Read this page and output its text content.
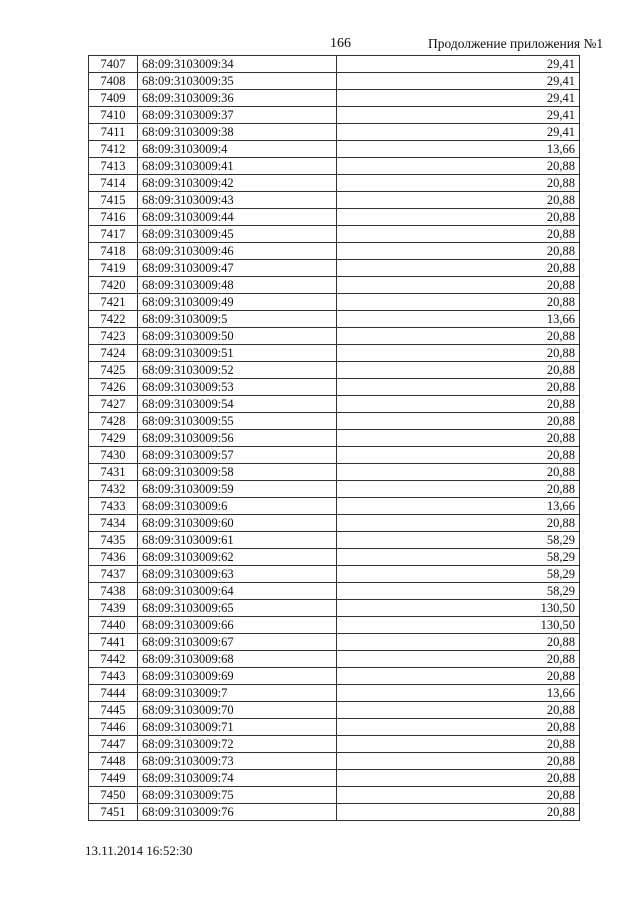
166	Продолжение приложения №1
7407	68:09:3103009:34	29,41
7408	68:09:3103009:35	29,41
7409	68:09:3103009:36	29,41
7410	68:09:3103009:37	29,41
7411	68:09:3103009:38	29,41
7412	68:09:3103009:4	13,66
7413	68:09:3103009:41	20,88
7414	68:09:3103009:42	20,88
7415	68:09:3103009:43	20,88
7416	68:09:3103009:44	20,88
7417	68:09:3103009:45	20,88
7418	68:09:3103009:46	20,88
7419	68:09:3103009:47	20,88
7420	68:09:3103009:48	20,88
7421	68:09:3103009:49	20,88
7422	68:09:3103009:5	13,66
7423	68:09:3103009:50	20,88
7424	68:09:3103009:51	20,88
7425	68:09:3103009:52	20,88
7426	68:09:3103009:53	20,88
7427	68:09:3103009:54	20,88
7428	68:09:3103009:55	20,88
7429	68:09:3103009:56	20,88
7430	68:09:3103009:57	20,88
7431	68:09:3103009:58	20,88
7432	68:09:3103009:59	20,88
7433	68:09:3103009:6	13,66
7434	68:09:3103009:60	20,88
7435	68:09:3103009:61	58,29
7436	68:09:3103009:62	58,29
7437	68:09:3103009:63	58,29
7438	68:09:3103009:64	58,29
7439	68:09:3103009:65	130,50
7440	68:09:3103009:66	130,50
7441	68:09:3103009:67	20,88
7442	68:09:3103009:68	20,88
7443	68:09:3103009:69	20,88
7444	68:09:3103009:7	13,66
7445	68:09:3103009:70	20,88
7446	68:09:3103009:71	20,88
7447	68:09:3103009:72	20,88
7448	68:09:3103009:73	20,88
7449	68:09:3103009:74	20,88
7450	68:09:3103009:75	20,88
7451	68:09:3103009:76	20,88
13.11.2014 16:52:30
